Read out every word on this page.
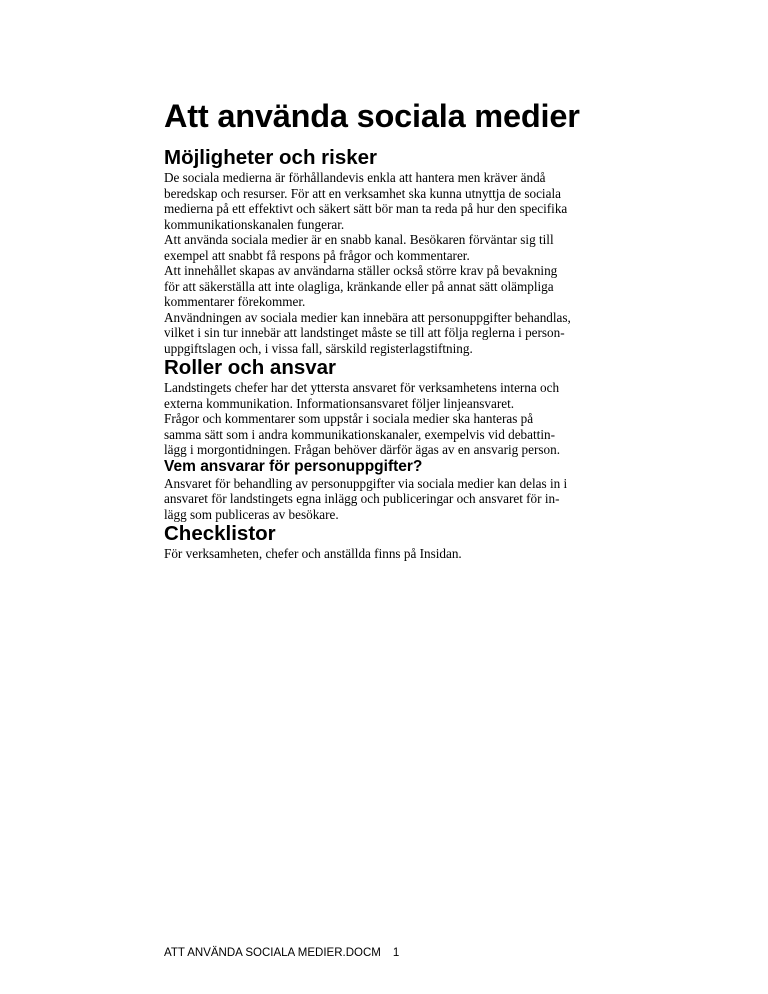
Att använda sociala medier
Möjligheter och risker

De sociala medierna är förhållandevis enkla att hantera men kräver ändå

beredskap och resurser. För att en verksamhet ska kunna utnyttja de sociala

medierna på ett effektivt och säkert sätt bör man ta reda på hur den specifika

kommunikationskanalen fungerar.

Att använda sociala medier är en snabb kanal. Besökaren förväntar sig till

exempel att snabbt få respons på frågor och kommentarer.

Att innehållet skapas av användarna ställer också större krav på bevakning

för att säkerställa att inte olagliga, kränkande eller på annat sätt olämpliga

kommentarer förekommer.

Användningen av sociala medier kan innebära att personuppgifter behandlas,

vilket i sin tur innebär att landstinget måste se till att följa reglerna i person-

uppgiftslagen och, i vissa fall, särskild registerlagstiftning.

Roller och ansvar

Landstingets chefer har det yttersta ansvaret för verksamhetens interna och

externa kommunikation. Informationsansvaret följer linjeansvaret.

Frågor och kommentarer som uppstår i sociala medier ska hanteras på

samma sätt som i andra kommunikationskanaler, exempelvis vid debattin-

lägg i morgontidningen. Frågan behöver därför ägas av en ansvarig person.

Vem ansvarar för personuppgifter?

Ansvaret för behandling av personuppgifter via sociala medier kan delas in i

ansvaret för landstingets egna inlägg och publiceringar och ansvaret för in-

lägg som publiceras av besökare.

Checklistor

För verksamheten, chefer och anställda finns på Insidan.

ATT ANVÄNDA SOCIALA MEDIER.DOCM 1
